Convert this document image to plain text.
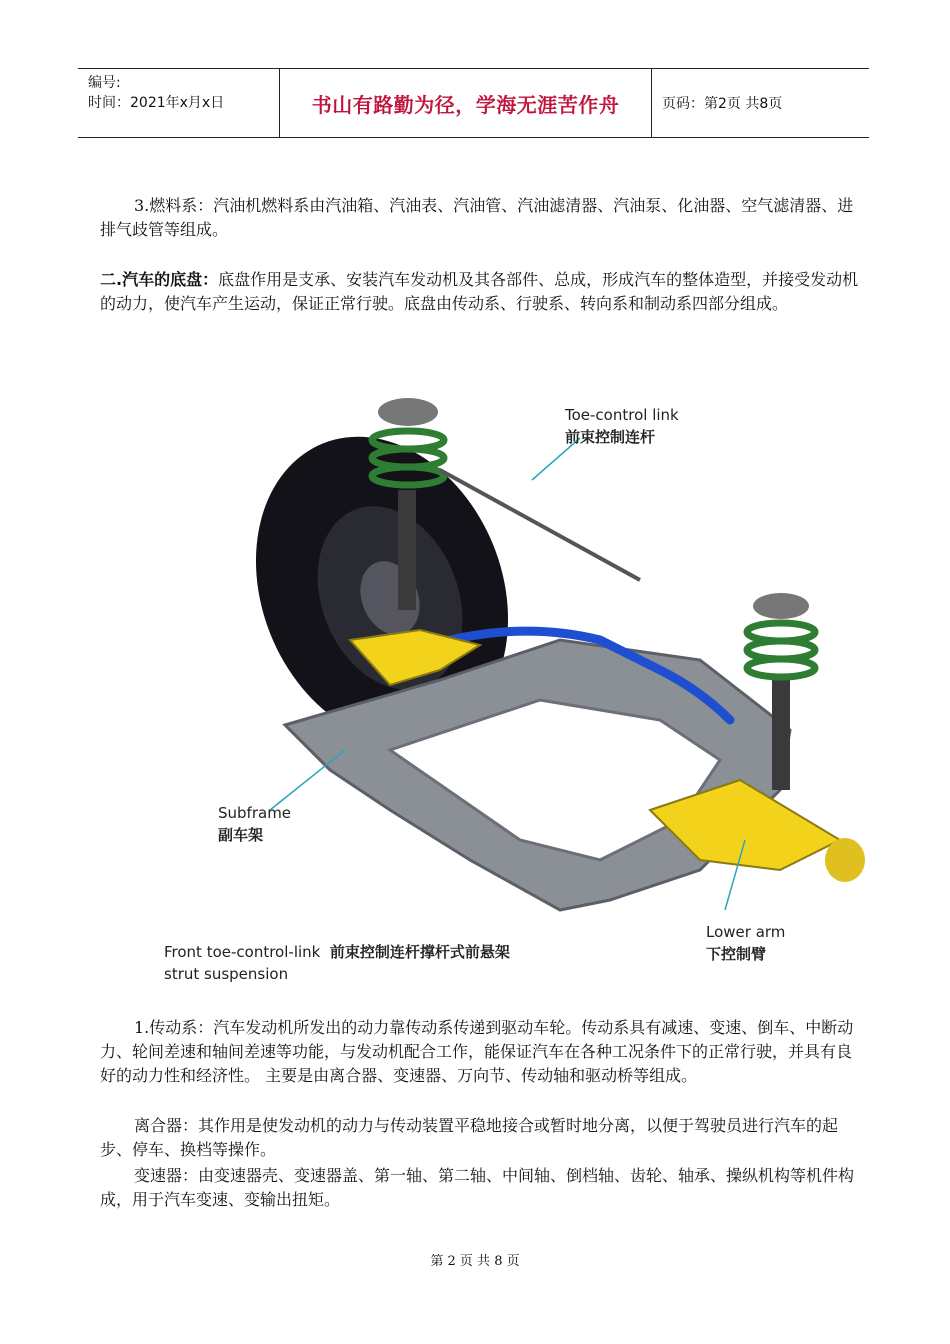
编号:
时间：2021年x月x日	书山有路勤为径，学海无涯苦作舟	页码：第2页 共8页
3.燃料系：汽油机燃料系由汽油箱、汽油表、汽油管、汽油滤清器、汽油泵、化油器、空气滤清器、进排气歧管等组成。
二.汽车的底盘：底盘作用是支承、安装汽车发动机及其各部件、总成，形成汽车的整体造型，并接受发动机的动力，使汽车产生运动，保证正常行驶。底盘由传动系、行驶系、转向系和制动系四部分组成。
Toe-control link
前束控制连杆
Subframe
副车架
Lower arm
下控制臂
Front toe-control-link 前束控制连杆撑杆式前悬架
strut suspension
1.传动系：汽车发动机所发出的动力靠传动系传递到驱动车轮。传动系具有减速、变速、倒车、中断动力、轮间差速和轴间差速等功能，与发动机配合工作，能保证汽车在各种工况条件下的正常行驶，并具有良好的动力性和经济性。 主要是由离合器、变速器、万向节、传动轴和驱动桥等组成。
离合器：其作用是使发动机的动力与传动装置平稳地接合或暂时地分离，以便于驾驶员进行汽车的起步、停车、换档等操作。
变速器：由变速器壳、变速器盖、第一轴、第二轴、中间轴、倒档轴、齿轮、轴承、操纵机构等机件构成，用于汽车变速、变输出扭矩。
第 2 页 共 8 页
